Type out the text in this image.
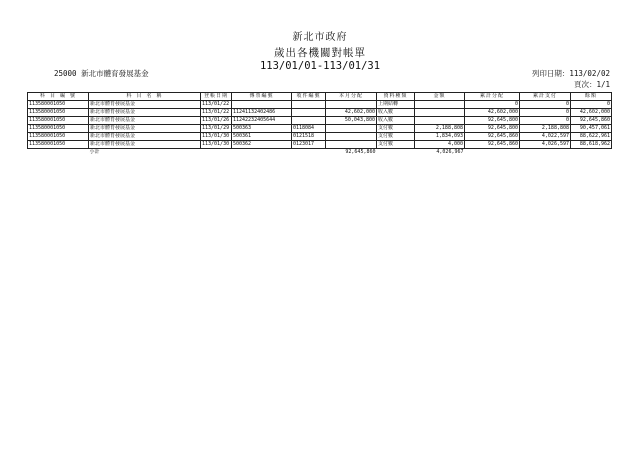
新北市政府
歲出各機關對帳單
113/01/01-113/01/31
25000 新北市體育發展基金	列印日期：113/02/02
頁次：1/1
科 目 編 號	科 目 名 稱	登帳日期	傳票編號	收件編號	本月分配	資料種類	金額	累計分配	累計支付	餘額
113580001050	新北市體育發展基金	113/01/22				上期結轉		0	0	0
113580001050	新北市體育發展基金	113/01/22	11241132402486		42,602,000	收入數		42,602,000	0	42,602,000
113580001050	新北市體育發展基金	113/01/26	11242232405644		50,043,800	收入數		92,645,800	0	92,645,860
113580001050	新北市體育發展基金	113/01/29	500363	0118084		支付數	2,188,808	92,645,800	2,188,808	90,457,061
113580001050	新北市體育發展基金	113/01/30	500361	0121518		支付數	1,834,093	92,645,860	4,022,597	88,622,961
113580001050	新北市體育發展基金	113/01/30	500362	0123017		支付數	4,000	92,645,860	4,026,597	88,618,962
	小計				92,645,860		4,026,967			
